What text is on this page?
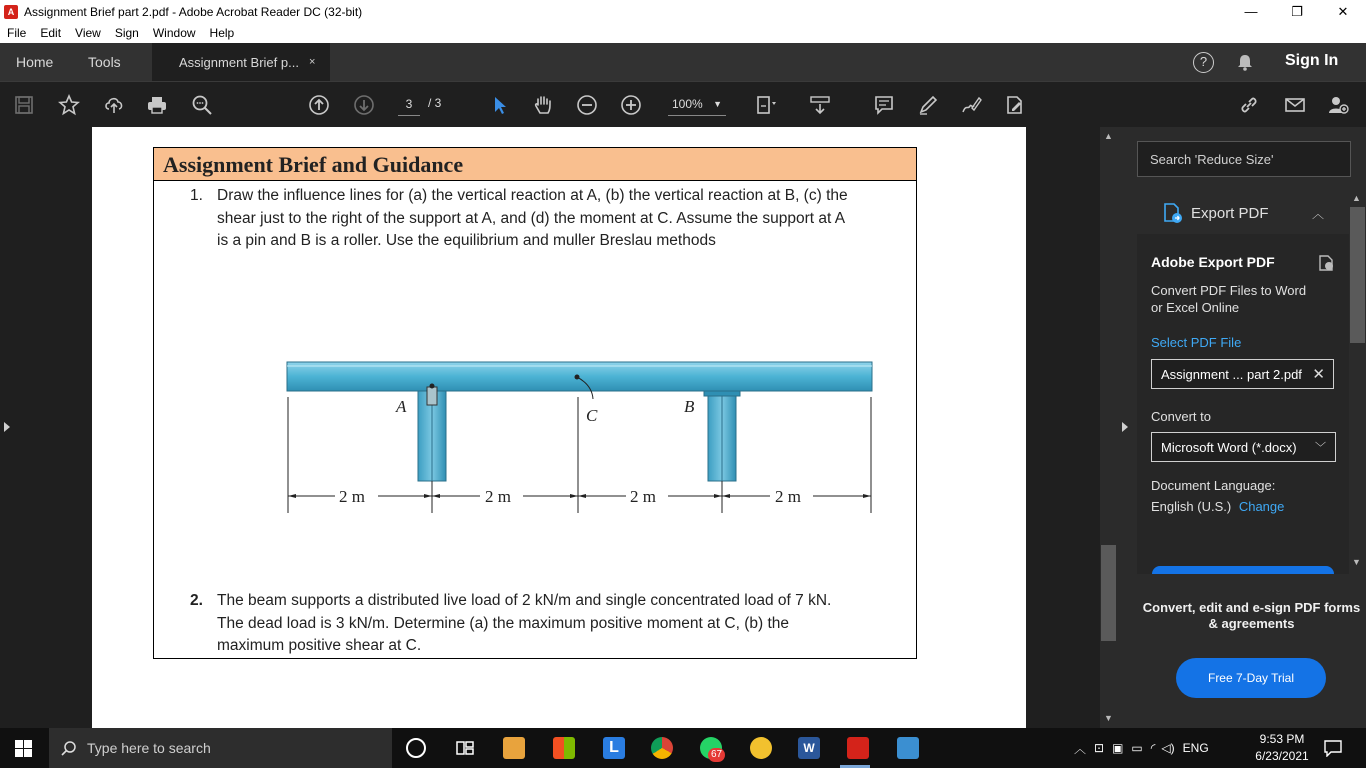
A Assignment Brief part 2.pdf - Adobe Acrobat Reader DC (32-bit)	—	❐	✕
File	Edit	View	Sign	Window	Help
Home Tools	Assignment Brief p... ×	?	Sign In
3	/ 3	100% ▼
Assignment Brief and Guidance
1. Draw the influence lines for (a) the vertical reaction at A, (b) the vertical reaction at B, (c) the
shear just to the right of the support at A, and (d) the moment at C. Assume the support at A
is a pin and B is a roller. Use the equilibrium and muller Breslau methods
A	C	B
2 m	2 m	2 m	2 m
2. The beam supports a distributed live load of 2 kN/m and single concentrated load of 7 kN.
The dead load is 3 kN/m. Determine (a) the maximum positive moment at C, (b) the
maximum positive shear at C.
▲
▼
▲
▼
Search 'Reduce Size'
Export PDF	︿
Adobe Export PDF
Convert PDF Files to Word or Excel Online
Select PDF File
Assignment ... part 2.pdf ✕
Convert to
Microsoft Word (*.docx) ﹀
Document Language:
English (U.S.) Change
Convert, edit and e-sign PDF forms & agreements
Free 7-Day Trial
Type here to search	L	67	W	︿ ⊡ ▣ ▭ ◜ ◁) ENG
9:53 PM
6/23/2021
